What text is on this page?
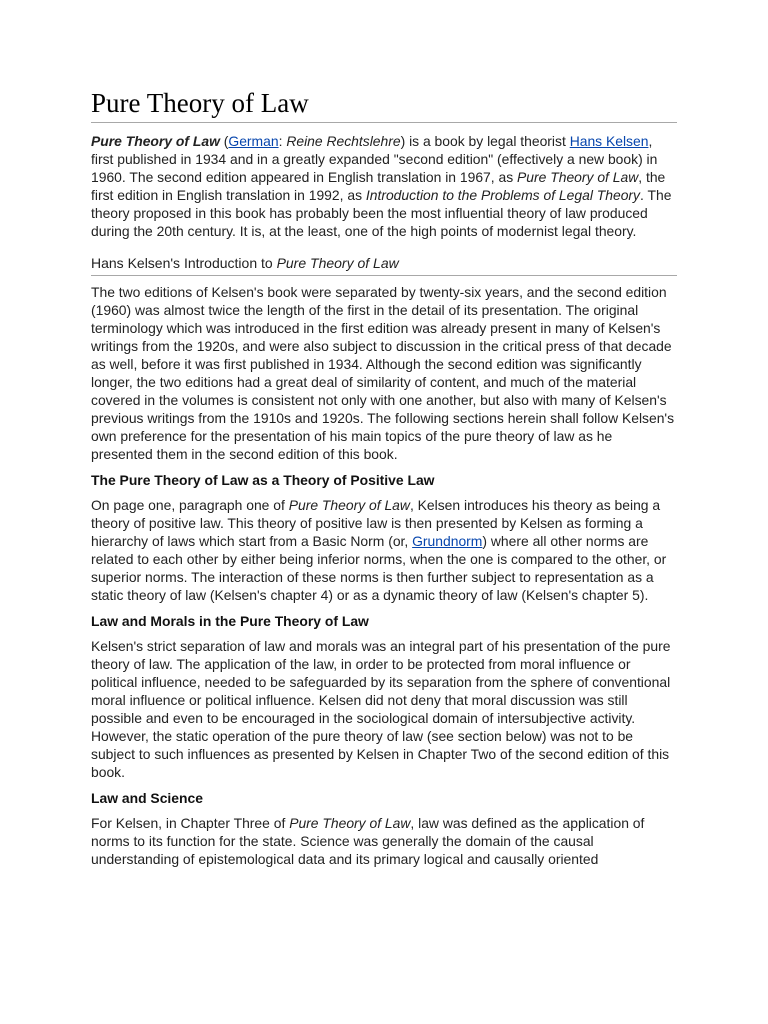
Pure Theory of Law

Pure Theory of Law (German: Reine Rechtslehre) is a book by legal theorist Hans Kelsen, first published in 1934 and in a greatly expanded "second edition" (effectively a new book) in 1960. The second edition appeared in English translation in 1967, as Pure Theory of Law, the first edition in English translation in 1992, as Introduction to the Problems of Legal Theory. The theory proposed in this book has probably been the most influential theory of law produced during the 20th century. It is, at the least, one of the high points of modernist legal theory.

Hans Kelsen's Introduction to Pure Theory of Law

The two editions of Kelsen's book were separated by twenty-six years, and the second edition (1960) was almost twice the length of the first in the detail of its presentation. The original terminology which was introduced in the first edition was already present in many of Kelsen's writings from the 1920s, and were also subject to discussion in the critical press of that decade as well, before it was first published in 1934. Although the second edition was significantly longer, the two editions had a great deal of similarity of content, and much of the material covered in the volumes is consistent not only with one another, but also with many of Kelsen's previous writings from the 1910s and 1920s. The following sections herein shall follow Kelsen's own preference for the presentation of his main topics of the pure theory of law as he presented them in the second edition of this book.

The Pure Theory of Law as a Theory of Positive Law

On page one, paragraph one of Pure Theory of Law, Kelsen introduces his theory as being a theory of positive law. This theory of positive law is then presented by Kelsen as forming a hierarchy of laws which start from a Basic Norm (or, Grundnorm) where all other norms are related to each other by either being inferior norms, when the one is compared to the other, or superior norms. The interaction of these norms is then further subject to representation as a static theory of law (Kelsen's chapter 4) or as a dynamic theory of law (Kelsen's chapter 5).

Law and Morals in the Pure Theory of Law

Kelsen's strict separation of law and morals was an integral part of his presentation of the pure theory of law. The application of the law, in order to be protected from moral influence or political influence, needed to be safeguarded by its separation from the sphere of conventional moral influence or political influence. Kelsen did not deny that moral discussion was still possible and even to be encouraged in the sociological domain of intersubjective activity. However, the static operation of the pure theory of law (see section below) was not to be subject to such influences as presented by Kelsen in Chapter Two of the second edition of this book.

Law and Science

For Kelsen, in Chapter Three of Pure Theory of Law, law was defined as the application of norms to its function for the state. Science was generally the domain of the causal understanding of epistemological data and its primary logical and causally oriented
